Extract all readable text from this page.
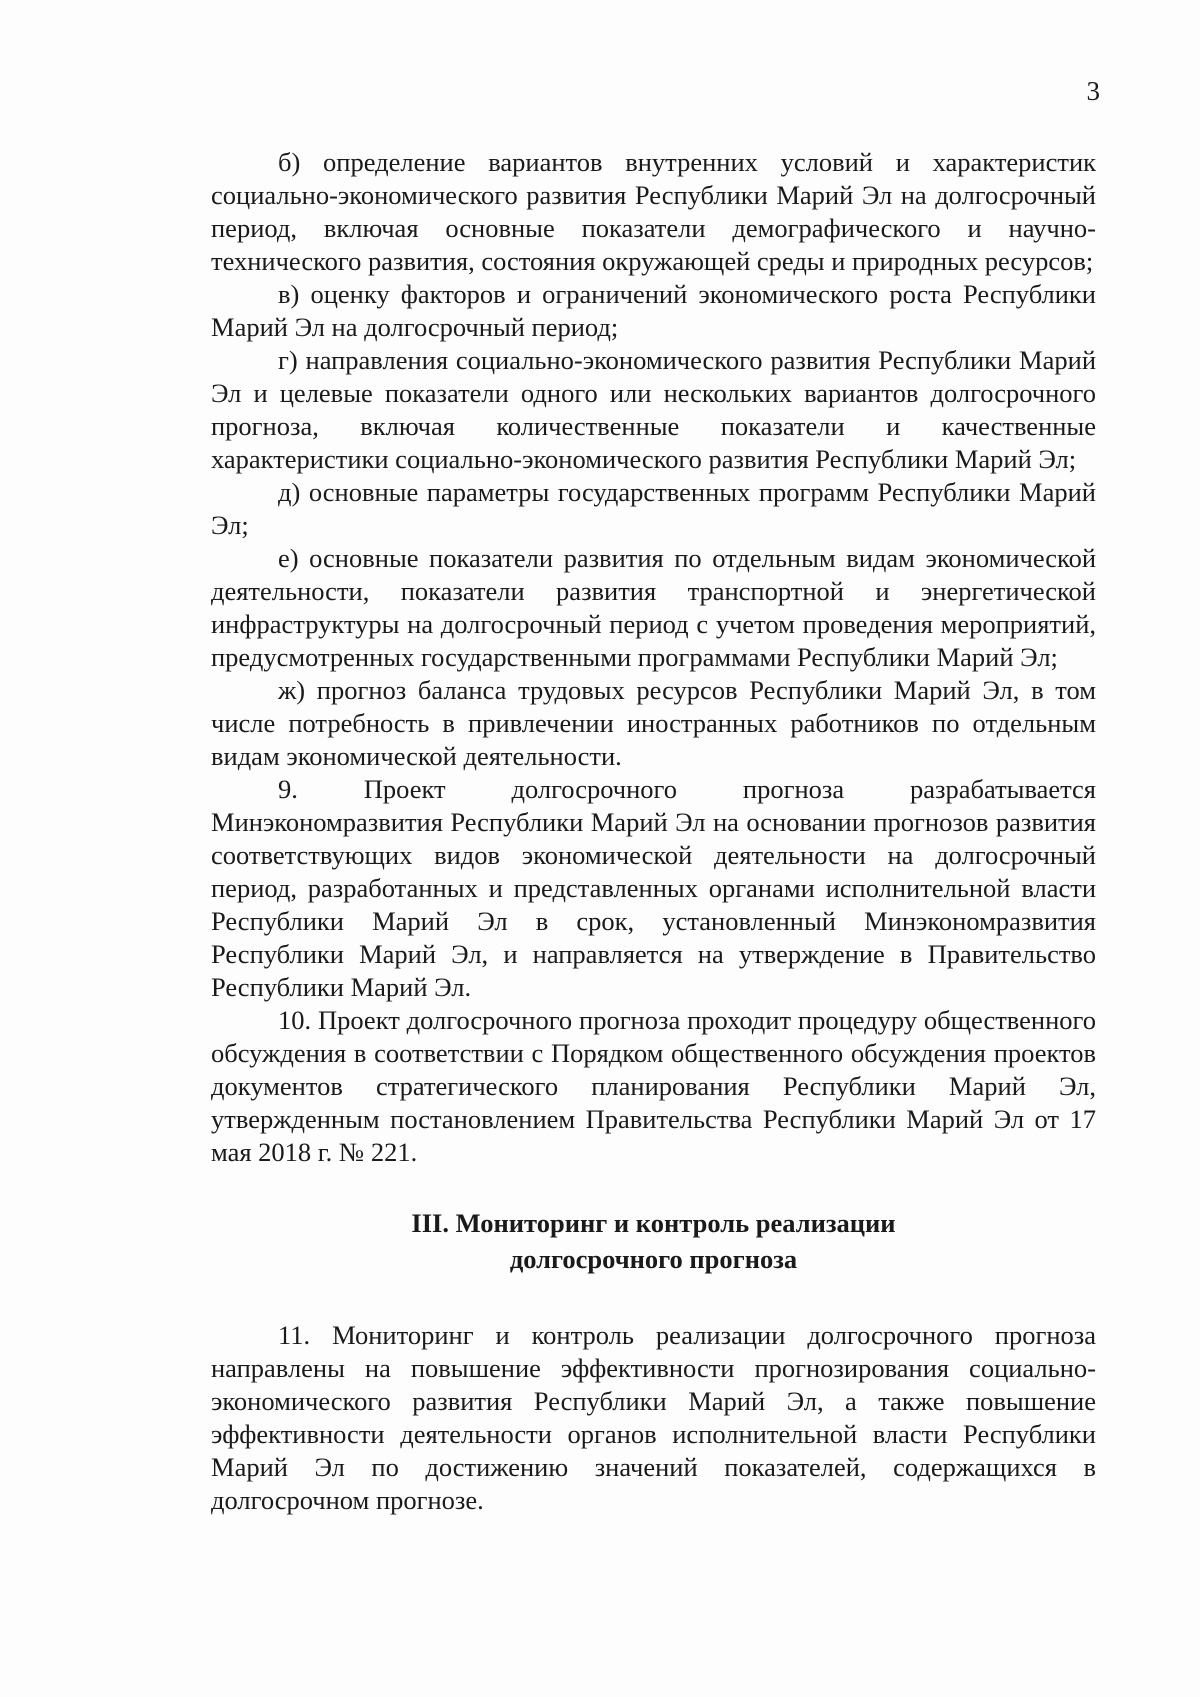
3

б) определение вариантов внутренних условий и характеристик социально-экономического развития Республики Марий Эл на долгосрочный период, включая основные показатели демографического и научно-технического развития, состояния окружающей среды и природных ресурсов;

в) оценку факторов и ограничений экономического роста Республики Марий Эл на долгосрочный период;

г) направления социально-экономического развития Республики Марий Эл и целевые показатели одного или нескольких вариантов долгосрочного прогноза, включая количественные показатели и качественные характеристики социально-экономического развития Республики Марий Эл;

д) основные параметры государственных программ Республики Марий Эл;

е) основные показатели развития по отдельным видам экономической деятельности, показатели развития транспортной и энергетической инфраструктуры на долгосрочный период с учетом проведения мероприятий, предусмотренных государственными программами Республики Марий Эл;

ж) прогноз баланса трудовых ресурсов Республики Марий Эл, в том числе потребность в привлечении иностранных работников по отдельным видам экономической деятельности.

9. Проект долгосрочного прогноза разрабатывается Минэкономразвития Республики Марий Эл на основании прогнозов развития соответствующих видов экономической деятельности на долгосрочный период, разработанных и представленных органами исполнительной власти Республики Марий Эл в срок, установленный Минэкономразвития Республики Марий Эл, и направляется на утверждение в Правительство Республики Марий Эл.

10. Проект долгосрочного прогноза проходит процедуру общественного обсуждения в соответствии с Порядком общественного обсуждения проектов документов стратегического планирования Республики Марий Эл, утвержденным постановлением Правительства Республики Марий Эл от 17 мая 2018 г. № 221.

III. Мониторинг и контроль реализации
долгосрочного прогноза

11. Мониторинг и контроль реализации долгосрочного прогноза направлены на повышение эффективности прогнозирования социально-экономического развития Республики Марий Эл, а также повышение эффективности деятельности органов исполнительной власти Республики Марий Эл по достижению значений показателей, содержащихся в долгосрочном прогнозе.
